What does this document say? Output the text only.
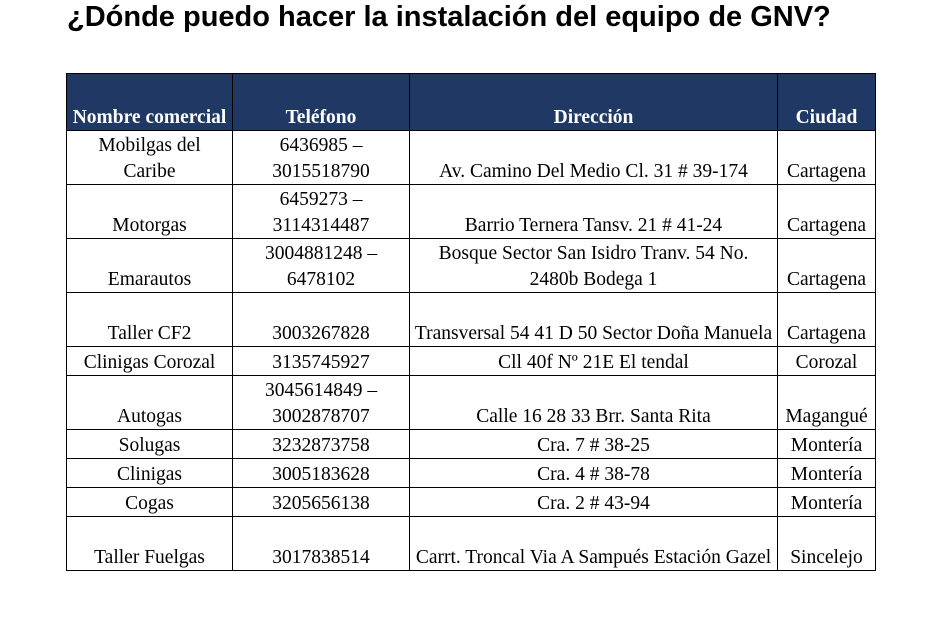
¿Dónde puedo hacer la instalación del equipo de GNV?
Nombre comercial	Teléfono	Dirección	Ciudad
Mobilgas del Caribe	6436985 – 3015518790	Av. Camino Del Medio Cl. 31 # 39-174	Cartagena
Motorgas	6459273 – 3114314487	Barrio Ternera Tansv. 21 # 41-24	Cartagena
Emarautos	3004881248 – 6478102	Bosque Sector San Isidro Tranv. 54 No. 2480b Bodega 1	Cartagena
Taller CF2	3003267828	Transversal 54 41 D 50 Sector Doña Manuela	Cartagena
Clinigas Corozal	3135745927	Cll 40f Nº 21E El tendal	Corozal
Autogas	3045614849 – 3002878707	Calle 16 28 33 Brr. Santa Rita	Magangué
Solugas	3232873758	Cra. 7 # 38-25	Montería
Clinigas	3005183628	Cra. 4 # 38-78	Montería
Cogas	3205656138	Cra. 2 # 43-94	Montería
Taller Fuelgas	3017838514	Carrt. Troncal Via A Sampués Estación Gazel	Sincelejo
